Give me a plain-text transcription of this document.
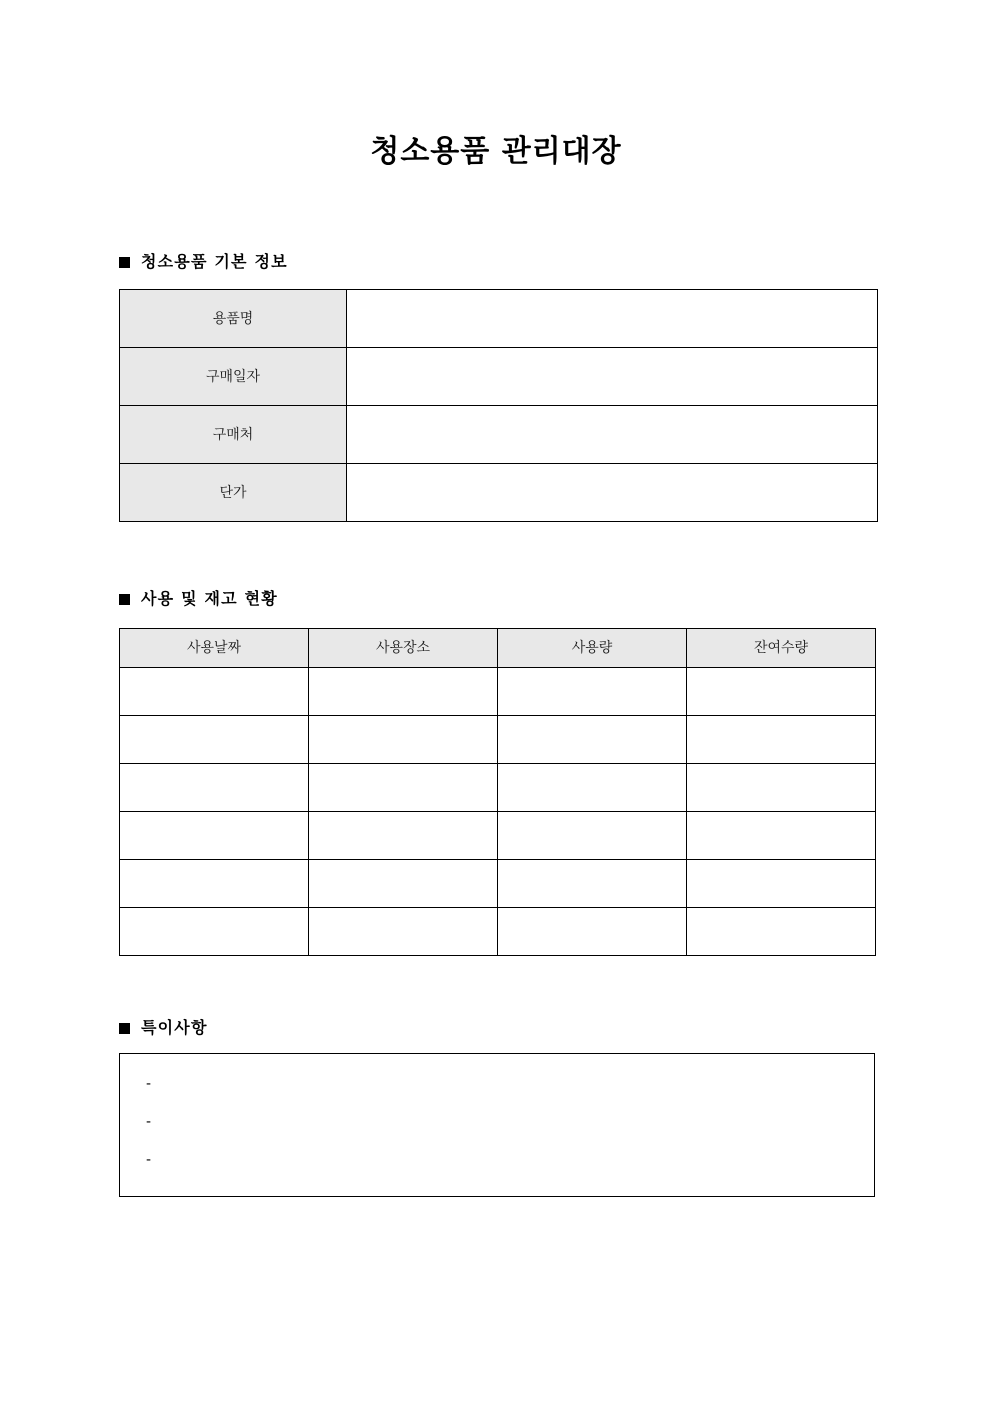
청소용품 관리대장
청소용품 기본 정보
용품명	
구매일자	
구매처	
단가	
사용 및 재고 현황
사용날짜	사용장소	사용량	잔여수량

특이사항
-
-
-
